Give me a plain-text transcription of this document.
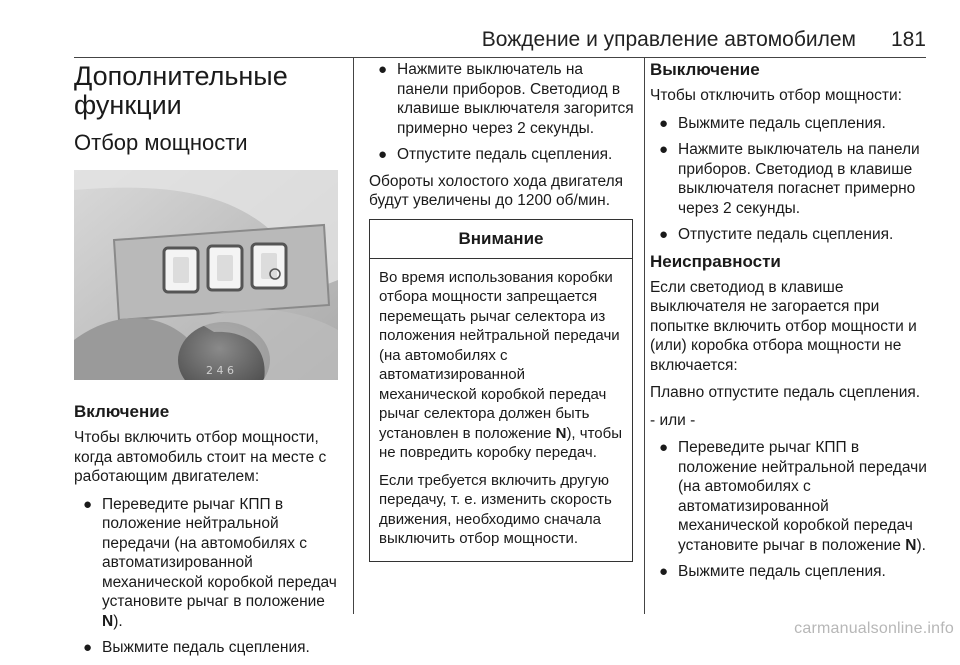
Вождение и управление автомобилем 181
Дополнительные
функции
Отбор мощности
2 4 6
Включение

Чтобы включить отбор мощности, когда автомобиль стоит на месте с работающим двигателем:

● Переведите рычаг КПП в положение нейтральной передачи (на автомобилях с автоматизированной механической коробкой передач установите рычаг в положение N).
● Выжмите педаль сцепления.
● Нажмите выключатель на панели приборов. Светодиод в клавише выключателя загорится примерно через 2 секунды.
● Отпустите педаль сцепления.

Обороты холостого хода двигателя будут увеличены до 1200 об/мин.

Внимание

Во время использования коробки отбора мощности запрещается перемещать рычаг селектора из положения нейтральной передачи (на автомобилях с автоматизированной механической коробкой передач рычаг селектора должен быть установлен в положение N), чтобы не повредить коробку передач.

Если требуется включить другую передачу, т. е. изменить скорость движения, необходимо сначала выключить отбор мощности.

Выключение

Чтобы отключить отбор мощности:

● Выжмите педаль сцепления.
● Нажмите выключатель на панели приборов. Светодиод в клавише выключателя погаснет примерно через 2 секунды.
● Отпустите педаль сцепления.
Неисправности

Если светодиод в клавише выключателя не загорается при попытке включить отбор мощности и (или) коробка отбора мощности не включается:

Плавно отпустите педаль сцепления.

- или -

● Переведите рычаг КПП в положение нейтральной передачи (на автомобилях с автоматизированной механической коробкой передач установите рычаг в положение N).
● Выжмите педаль сцепления.
carmanualsonline.info
